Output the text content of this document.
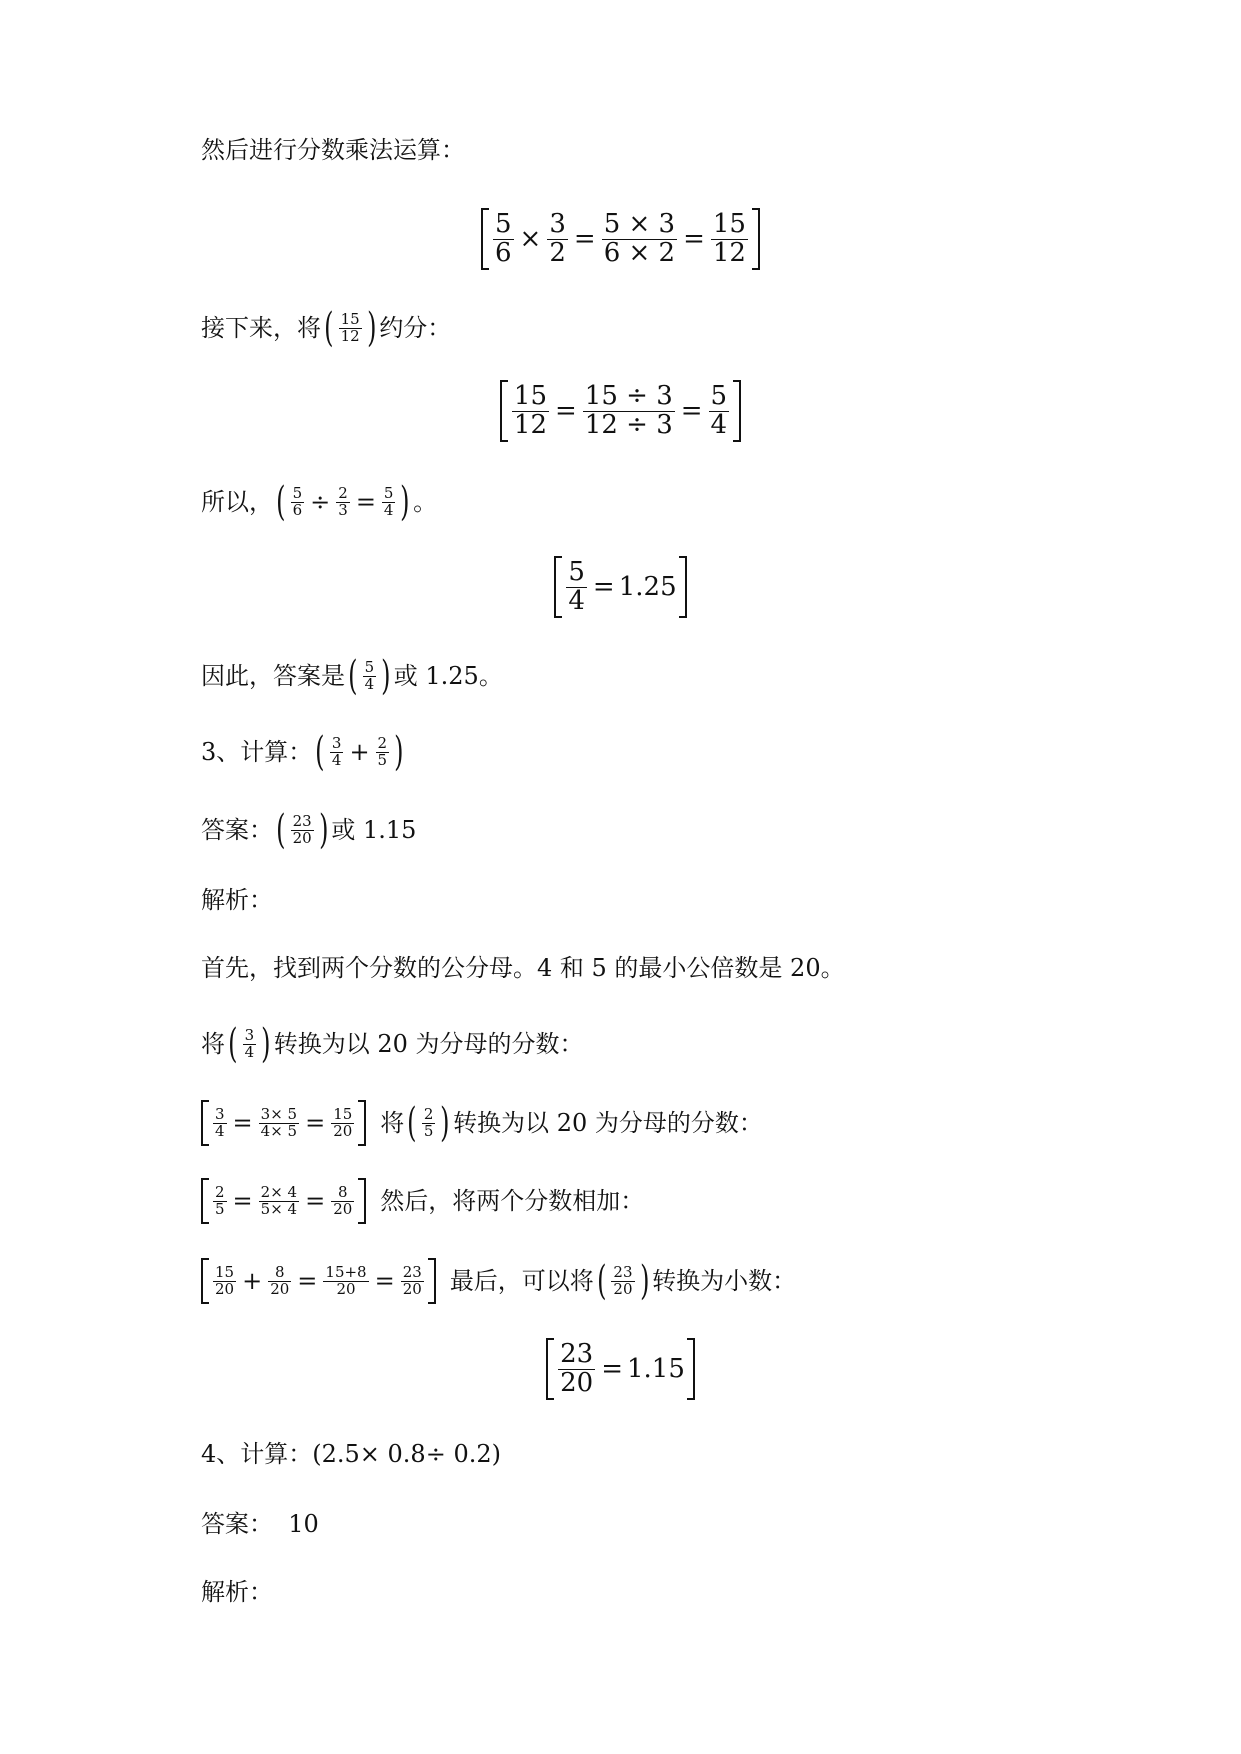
然后进行分数乘法运算：
$\frac{5}{6} \times \frac{3}{2} = \frac{5 \times 3}{6 \times 2} = \frac{15}{12}$
接下来，将 ( $\frac{15}{12}$ ) 约分：
$\frac{15}{12} = \frac{15 \div 3}{12 \div 3} = \frac{5}{4}$
所以， ( $\frac{5}{6} \div \frac{2}{3} = \frac{5}{4}$ ) 。
$\frac{5}{4} = 1.25$
因此，答案是 ( $\frac{5}{4}$ ) 或 1.25。
3、计算： ( $\frac{3}{4} + \frac{2}{5}$ )
答案： ( $\frac{23}{20}$ ) 或 1.15
解析：
首先，找到两个分数的公分母。4 和 5 的最小公倍数是 20。
将 ( $\frac{3}{4}$ ) 转换为以 20 为分母的分数：
$\frac{3}{4} = \frac{3\times 5}{4\times 5} = \frac{15}{20}$ 将 ( $\frac{2}{5}$ ) 转换为以 20 为分母的分数：
$\frac{2}{5} = \frac{2\times 4}{5\times 4} = \frac{8}{20}$ 然后，将两个分数相加：
$\frac{15}{20} + \frac{8}{20} = \frac{15+8}{20} = \frac{23}{20}$ 最后，可以将 ( $\frac{23}{20}$ ) 转换为小数：
$\frac{23}{20} = 1.15$
4、计算：(2.5× 0.8÷ 0.2)
答案：  10
解析：
